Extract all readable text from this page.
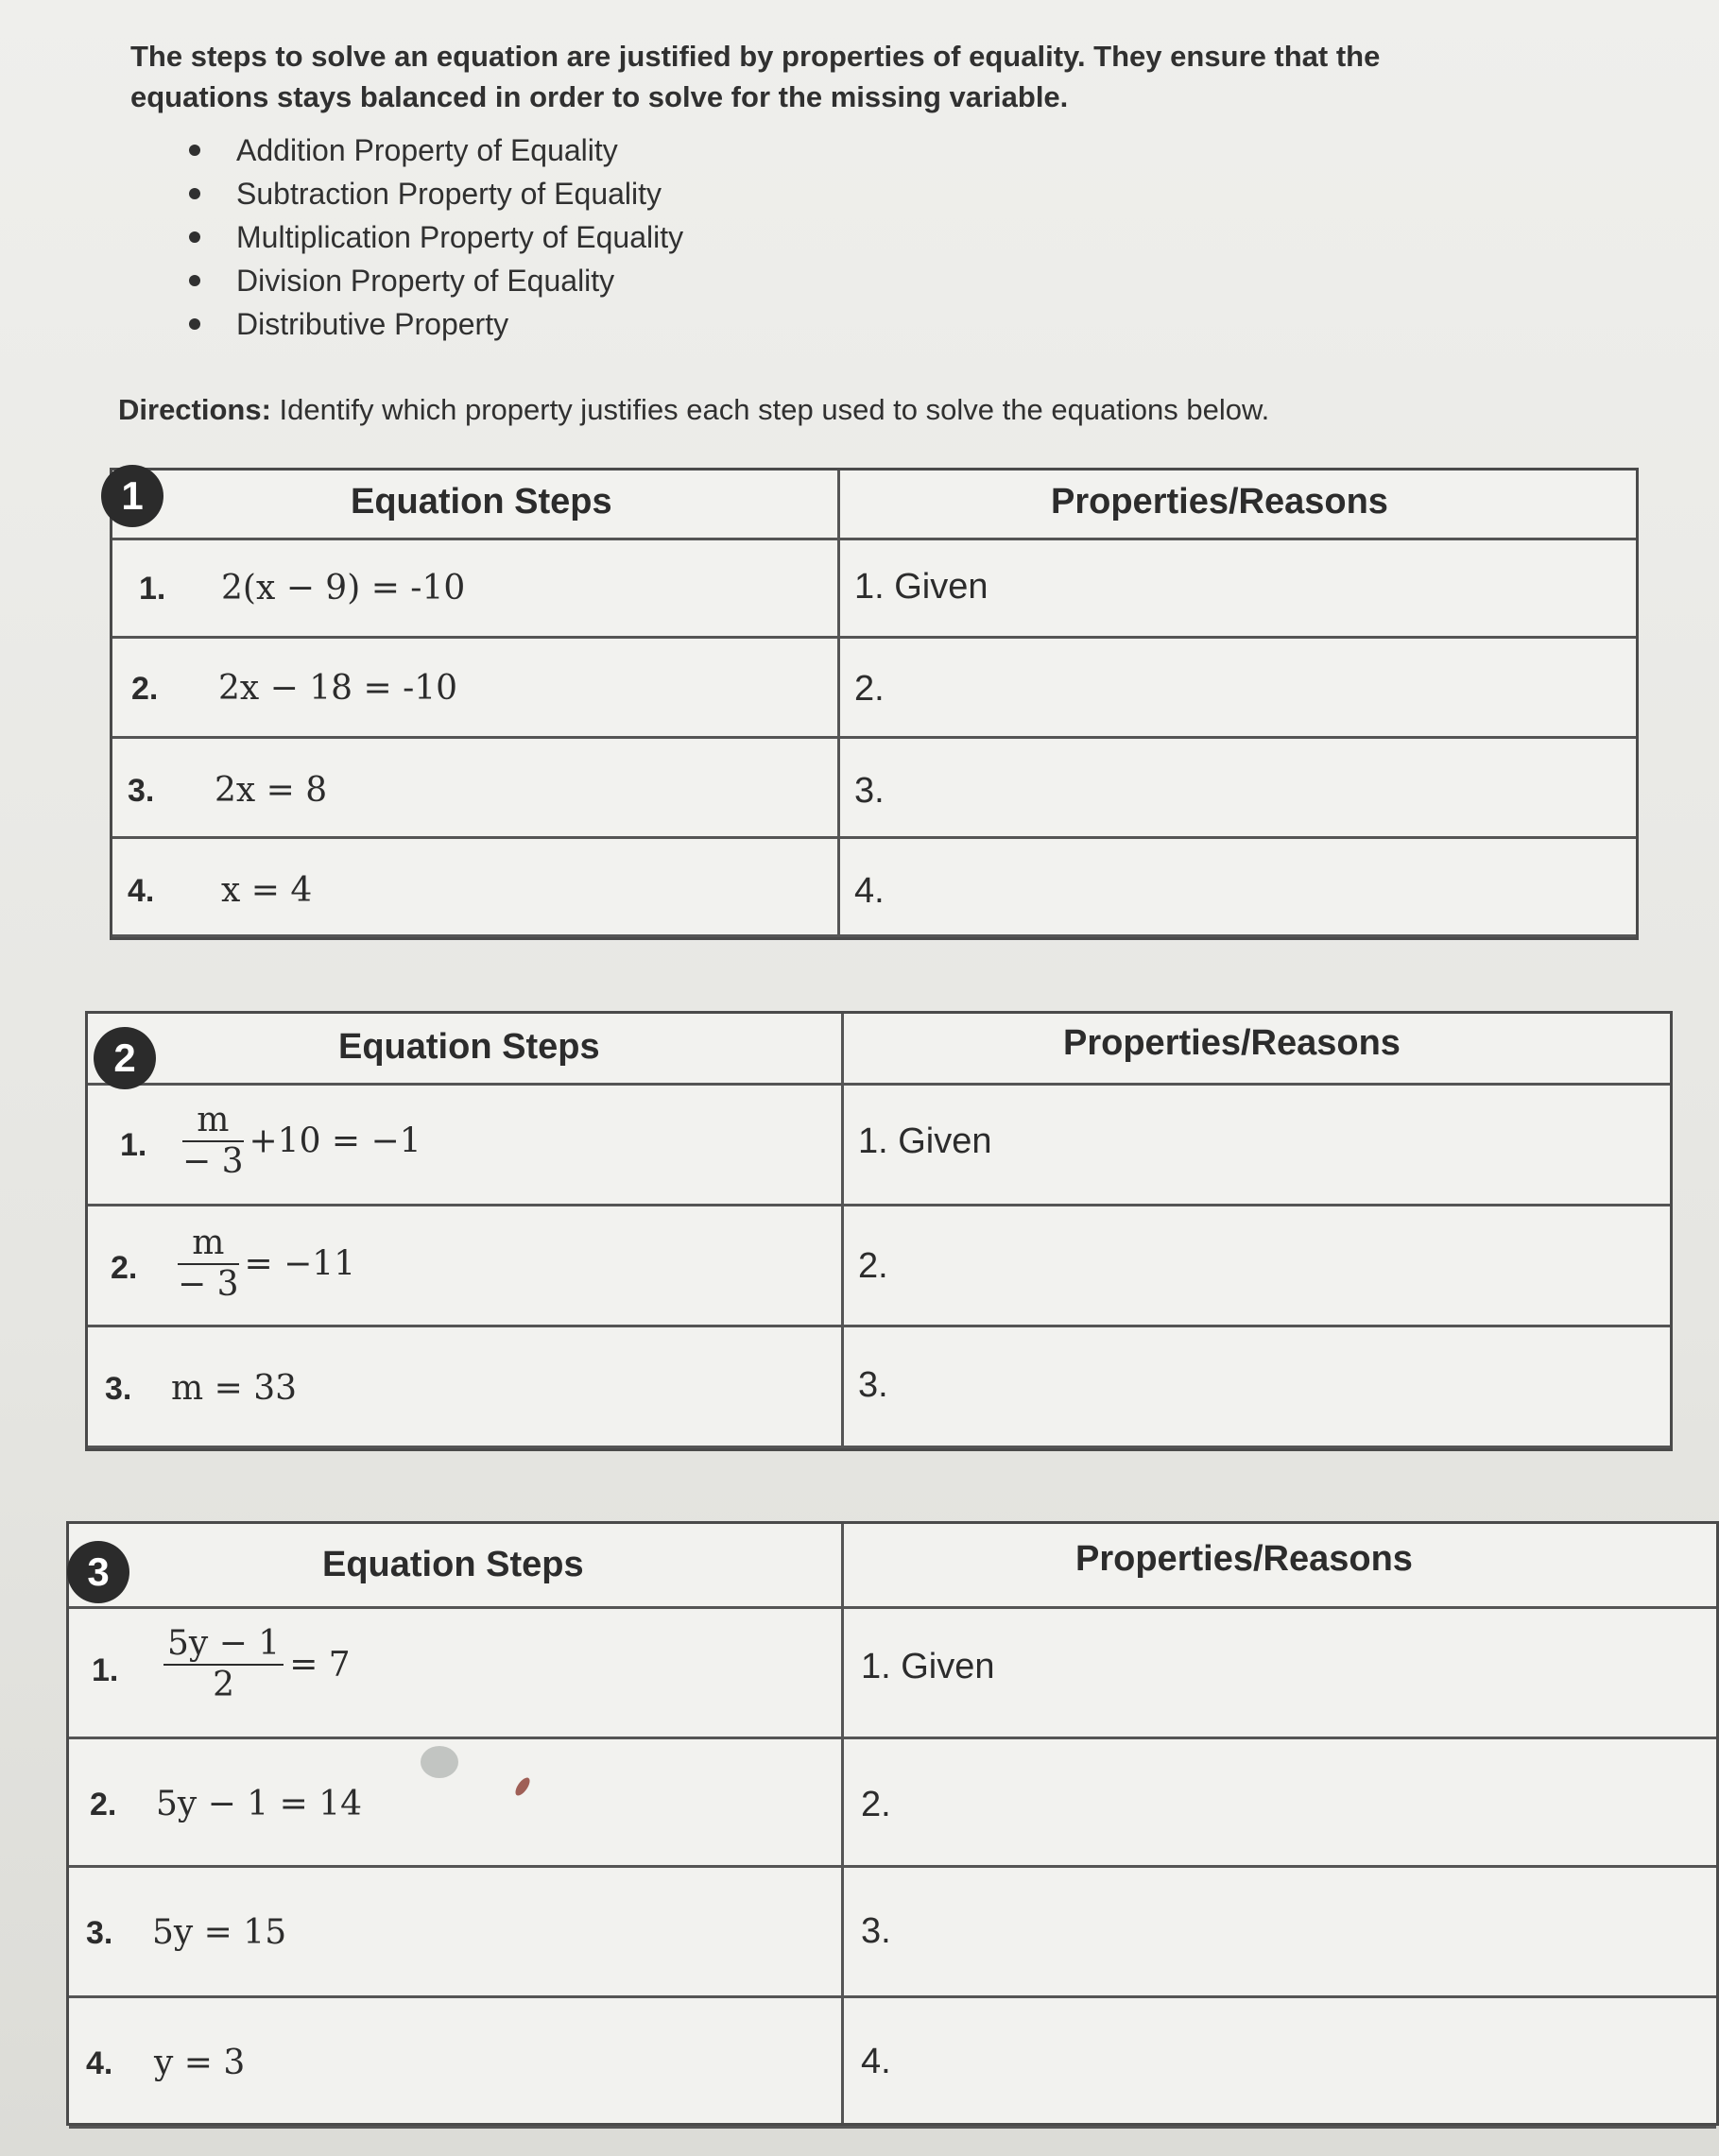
The steps to solve an equation are justified by properties of equality. They ensure that the equations stays balanced in order to solve for the missing variable.
Addition Property of Equality
Subtraction Property of Equality
Multiplication Property of Equality
Division Property of Equality
Distributive Property
Directions: Identify which property justifies each step used to solve the equations below.
Equation Steps	Properties/Reasons
1. 2(x − 9) = -10	1. Given
2. 2x − 18 = -10	2.
3. 2x = 8	3.
4. x = 4	4.
1
Equation Steps	Properties/Reasons
1. $\frac{m}{- 3} +10 = -1$	1. Given
2. $\frac{m}{- 3} = -11$	2.
3. m = 33	3.
2
Equation Steps	Properties/Reasons
1. $\frac{5y - 1}{2} = 7$	1. Given
2. 5y − 1 = 14	2.
3. 5y = 15	3.
4. y = 3	4.
3
